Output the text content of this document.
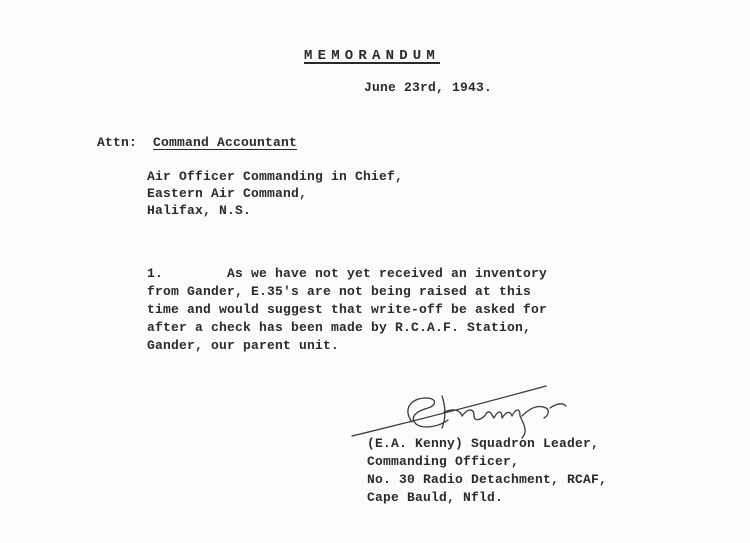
MEMORANDUM
June 23rd, 1943.
Attn: Command Accountant
Air Officer Commanding in Chief,
Eastern Air Command,
Halifax, N.S.
1.        As we have not yet received an inventory
from Gander, E.35's are not being raised at this
time and would suggest that write-off be asked for
after a check has been made by R.C.A.F. Station,
Gander, our parent unit.
(E.A. Kenny) Squadron Leader,
Commanding Officer,
No. 30 Radio Detachment, RCAF,
Cape Bauld, Nfld.
